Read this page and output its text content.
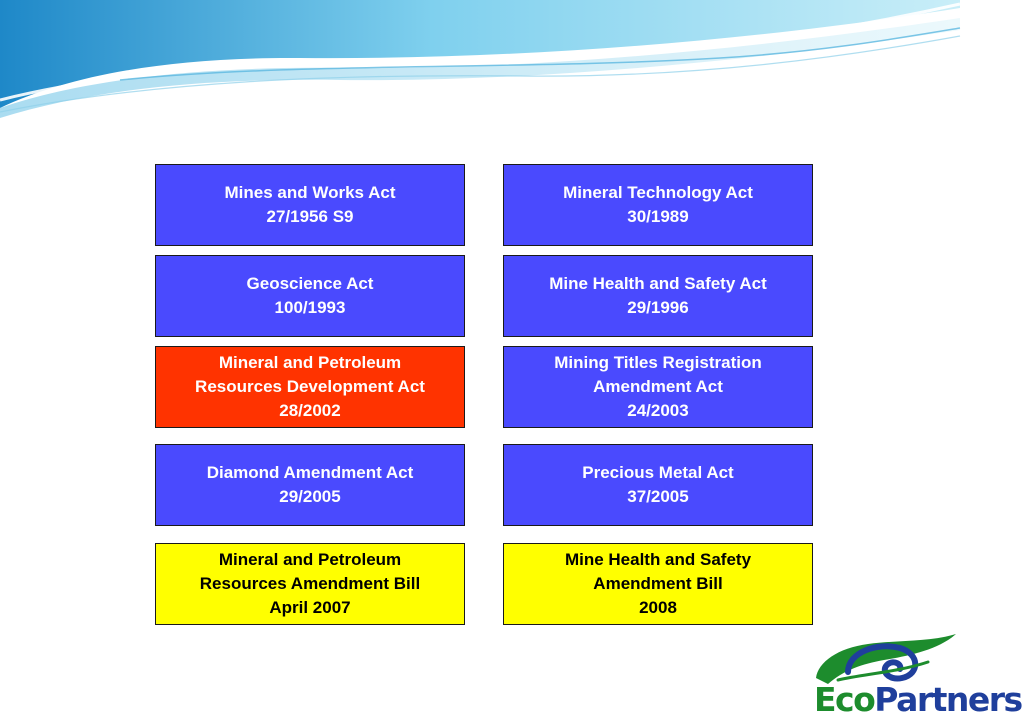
Mines and Works Act
27/1956 S9
Mineral Technology Act
30/1989
Geoscience Act
100/1993
Mine Health and Safety Act
29/1996
Mineral and Petroleum
Resources Development Act
28/2002
Mining Titles Registration
Amendment Act
24/2003
Diamond Amendment Act
29/2005
Precious Metal Act
37/2005
Mineral and Petroleum
Resources Amendment Bill
April 2007
Mine Health and Safety
Amendment Bill
2008
EcoPartners
